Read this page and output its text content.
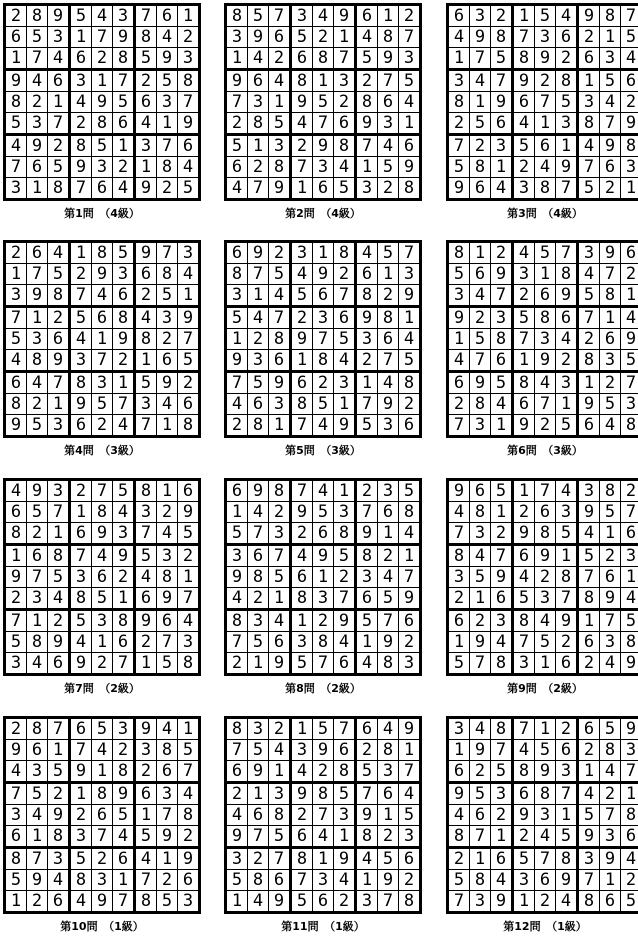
2 8 9 5 4 3 7 6 1
6 5 3 1 7 9 8 4 2
1 7 4 6 2 8 5 9 3
9 4 6 3 1 7 2 5 8
8 2 1 4 9 5 6 3 7
5 3 7 2 8 6 4 1 9
4 9 2 8 5 1 3 7 6
7 6 5 9 3 2 1 8 4
3 1 8 7 6 4 9 2 5
第1問　（4級）
8 5 7 3 4 9 6 1 2
3 9 6 5 2 1 4 8 7
1 4 2 6 8 7 5 9 3
9 6 4 8 1 3 2 7 5
7 3 1 9 5 2 8 6 4
2 8 5 4 7 6 9 3 1
5 1 3 2 9 8 7 4 6
6 2 8 7 3 4 1 5 9
4 7 9 1 6 5 3 2 8
第2問　（4級）
6 3 2 1 5 4 9 8 7
4 9 8 7 3 6 2 1 5
1 7 5 8 9 2 6 3 4
3 4 7 9 2 8 1 5 6
8 1 9 6 7 5 3 4 2
2 5 6 4 1 3 8 7 9
7 2 3 5 6 1 4 9 8
5 8 1 2 4 9 7 6 3
9 6 4 3 8 7 5 2 1
第3問　（4級）
2 6 4 1 8 5 9 7 3
1 7 5 2 9 3 6 8 4
3 9 8 7 4 6 2 5 1
7 1 2 5 6 8 4 3 9
5 3 6 4 1 9 8 2 7
4 8 9 3 7 2 1 6 5
6 4 7 8 3 1 5 9 2
8 2 1 9 5 7 3 4 6
9 5 3 6 2 4 7 1 8
第4問　（3級）
6 9 2 3 1 8 4 5 7
8 7 5 4 9 2 6 1 3
3 1 4 5 6 7 8 2 9
5 4 7 2 3 6 9 8 1
1 2 8 9 7 5 3 6 4
9 3 6 1 8 4 2 7 5
7 5 9 6 2 3 1 4 8
4 6 3 8 5 1 7 9 2
2 8 1 7 4 9 5 3 6
第5問　（3級）
8 1 2 4 5 7 3 9 6
5 6 9 3 1 8 4 7 2
3 4 7 2 6 9 5 8 1
9 2 3 5 8 6 7 1 4
1 5 8 7 3 4 2 6 9
4 7 6 1 9 2 8 3 5
6 9 5 8 4 3 1 2 7
2 8 4 6 7 1 9 5 3
7 3 1 9 2 5 6 4 8
第6問　（3級）
4 9 3 2 7 5 8 1 6
6 5 7 1 8 4 3 2 9
8 2 1 6 9 3 7 4 5
1 6 8 7 4 9 5 3 2
9 7 5 3 6 2 4 8 1
2 3 4 8 5 1 6 9 7
7 1 2 5 3 8 9 6 4
5 8 9 4 1 6 2 7 3
3 4 6 9 2 7 1 5 8
第7問　（2級）
6 9 8 7 4 1 2 3 5
1 4 2 9 5 3 7 6 8
5 7 3 2 6 8 9 1 4
3 6 7 4 9 5 8 2 1
9 8 5 6 1 2 3 4 7
4 2 1 8 3 7 6 5 9
8 3 4 1 2 9 5 7 6
7 5 6 3 8 4 1 9 2
2 1 9 5 7 6 4 8 3
第8問　（2級）
9 6 5 1 7 4 3 8 2
4 8 1 2 6 3 9 5 7
7 3 2 9 8 5 4 1 6
8 4 7 6 9 1 5 2 3
3 5 9 4 2 8 7 6 1
2 1 6 5 3 7 8 9 4
6 2 3 8 4 9 1 7 5
1 9 4 7 5 2 6 3 8
5 7 8 3 1 6 2 4 9
第9問　（2級）
2 8 7 6 5 3 9 4 1
9 6 1 7 4 2 3 8 5
4 3 5 9 1 8 2 6 7
7 5 2 1 8 9 6 3 4
3 4 9 2 6 5 1 7 8
6 1 8 3 7 4 5 9 2
8 7 3 5 2 6 4 1 9
5 9 4 8 3 1 7 2 6
1 2 6 4 9 7 8 5 3
第10問　（1級）
8 3 2 1 5 7 6 4 9
7 5 4 3 9 6 2 8 1
6 9 1 4 2 8 5 3 7
2 1 3 9 8 5 7 6 4
4 6 8 2 7 3 9 1 5
9 7 5 6 4 1 8 2 3
3 2 7 8 1 9 4 5 6
5 8 6 7 3 4 1 9 2
1 4 9 5 6 2 3 7 8
第11問　（1級）
3 4 8 7 1 2 6 5 9
1 9 7 4 5 6 2 8 3
6 2 5 8 9 3 1 4 7
9 5 3 6 8 7 4 2 1
4 6 2 9 3 1 5 7 8
8 7 1 2 4 5 9 3 6
2 1 6 5 7 8 3 9 4
5 8 4 3 6 9 7 1 2
7 3 9 1 2 4 8 6 5
第12問　（1級）
